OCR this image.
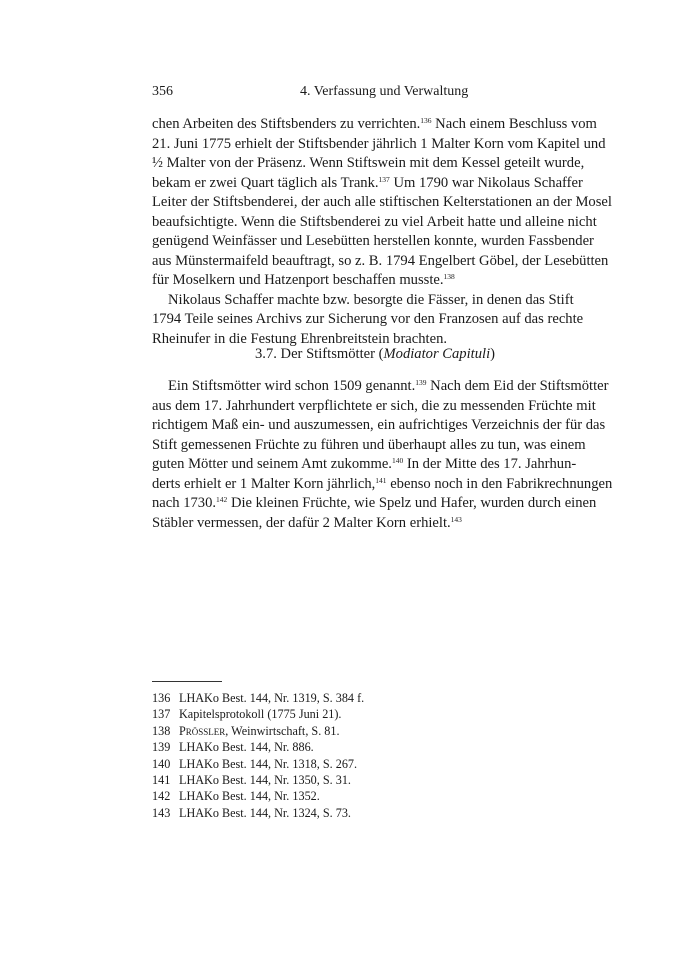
356	4. Verfassung und Verwaltung

chen Arbeiten des Stiftsbenders zu verrichten.$^{136}$ Nach einem Beschluss vom
21. Juni 1775 erhielt der Stiftsbender jährlich 1 Malter Korn vom Kapitel und
½ Malter von der Präsenz. Wenn Stiftswein mit dem Kessel geteilt wurde,
bekam er zwei Quart täglich als Trank.$^{137}$ Um 1790 war Nikolaus Schaffer
Leiter der Stiftsbenderei, der auch alle stiftischen Kelterstationen an der Mosel
beaufsichtigte. Wenn die Stiftsbenderei zu viel Arbeit hatte und alleine nicht
genügend Weinfässer und Lesebütten herstellen konnte, wurden Fassbender
aus Münstermaifeld beauftragt, so z. B. 1794 Engelbert Göbel, der Lesebütten
für Moselkern und Hatzenport beschaffen musste.$^{138}$

Nikolaus Schaffer machte bzw. besorgte die Fässer, in denen das Stift
1794 Teile seines Archivs zur Sicherung vor den Franzosen auf das rechte
Rheinufer in die Festung Ehrenbreitstein brachten.

3.7. Der Stiftsmötter (Modiator Capituli)

Ein Stiftsmötter wird schon 1509 genannt.$^{139}$ Nach dem Eid der Stiftsmötter
aus dem 17. Jahrhundert verpflichtete er sich, die zu messenden Früchte mit
richtigem Maß ein- und auszumessen, ein aufrichtiges Verzeichnis der für das
Stift gemessenen Früchte zu führen und überhaupt alles zu tun, was einem
guten Mötter und seinem Amt zukomme.$^{140}$ In der Mitte des 17. Jahrhun-
derts erhielt er 1 Malter Korn jährlich,$^{141}$ ebenso noch in den Fabrikrechnungen
nach 1730.$^{142}$ Die kleinen Früchte, wie Spelz und Hafer, wurden durch einen
Stäbler vermessen, der dafür 2 Malter Korn erhielt.$^{143}$

136 LHAKo Best. 144, Nr. 1319, S. 384 f.
137 Kapitelsprotokoll (1775 Juni 21).
138 Prössler, Weinwirtschaft, S. 81.
139 LHAKo Best. 144, Nr. 886.
140 LHAKo Best. 144, Nr. 1318, S. 267.
141 LHAKo Best. 144, Nr. 1350, S. 31.
142 LHAKo Best. 144, Nr. 1352.
143 LHAKo Best. 144, Nr. 1324, S. 73.
